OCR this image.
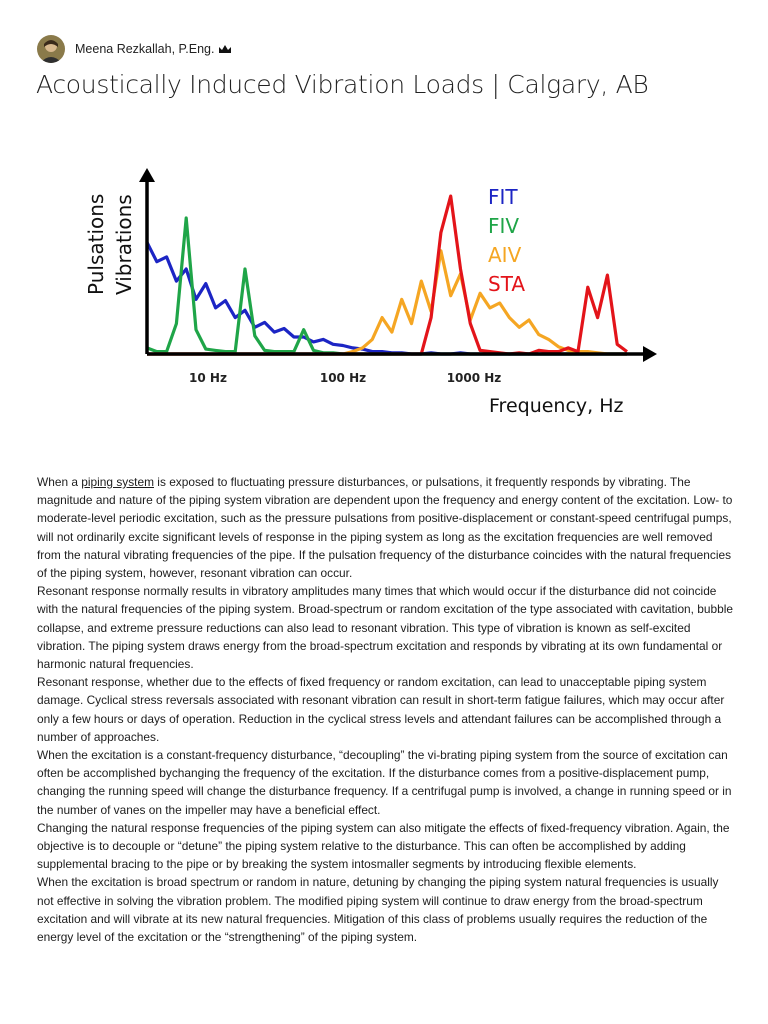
Meena Rezkallah, P.Eng.
Acoustically Induced Vibration Loads | Calgary, AB
Pulsations Vibrations
10 Hz	100 Hz	1000 Hz
Frequency, Hz
FIT
FIV
AIV
STA

When a piping system is exposed to fluctuating pressure disturbances, or pulsations, it frequently responds by vibrating. The magnitude and nature of the piping system vibration are dependent upon the frequency and energy content of the excitation. Low- to moderate-level periodic excitation, such as the pressure pulsations from positive-displacement or constant-speed centrifugal pumps, will not ordinarily excite significant levels of response in the piping system as long as the excitation frequencies are well removed from the natural vibrating frequencies of the pipe. If the pulsation frequency of the disturbance coincides with the natural frequencies of the piping system, however, resonant vibration can occur.

Resonant response normally results in vibratory amplitudes many times that which would occur if the disturbance did not coincide with the natural frequencies of the piping system. Broad-spectrum or random excitation of the type associated with cavitation, bubble collapse, and extreme pressure reductions can also lead to resonant vibration. This type of vibration is known as self-excited vibration. The piping system draws energy from the broad-spectrum excitation and responds by vibrating at its own fundamental or harmonic natural frequencies.

Resonant response, whether due to the effects of fixed frequency or random excitation, can lead to unacceptable piping system damage. Cyclical stress reversals associated with resonant vibration can result in short-term fatigue failures, which may occur after only a few hours or days of operation. Reduction in the cyclical stress levels and attendant failures can be accomplished through a number of approaches.

When the excitation is a constant-frequency disturbance, “decoupling” the vi-brating piping system from the source of excitation can often be accomplished bychanging the frequency of the excitation. If the disturbance comes from a positive-displacement pump, changing the running speed will change the disturbance frequency. If a centrifugal pump is involved, a change in running speed or in the number of vanes on the impeller may have a beneficial effect.

Changing the natural response frequencies of the piping system can also mitigate the effects of fixed-frequency vibration. Again, the objective is to decouple or “detune” the piping system relative to the disturbance. This can often be accomplished by adding supplemental bracing to the pipe or by breaking the system intosmaller segments by introducing flexible elements.

When the excitation is broad spectrum or random in nature, detuning by changing the piping system natural frequencies is usually not effective in solving the vibration problem. The modified piping system will continue to draw energy from the broad-spectrum excitation and will vibrate at its new natural frequencies. Mitigation of this class of problems usually requires the reduction of the energy level of the excitation or the “strengthening” of the piping system.
